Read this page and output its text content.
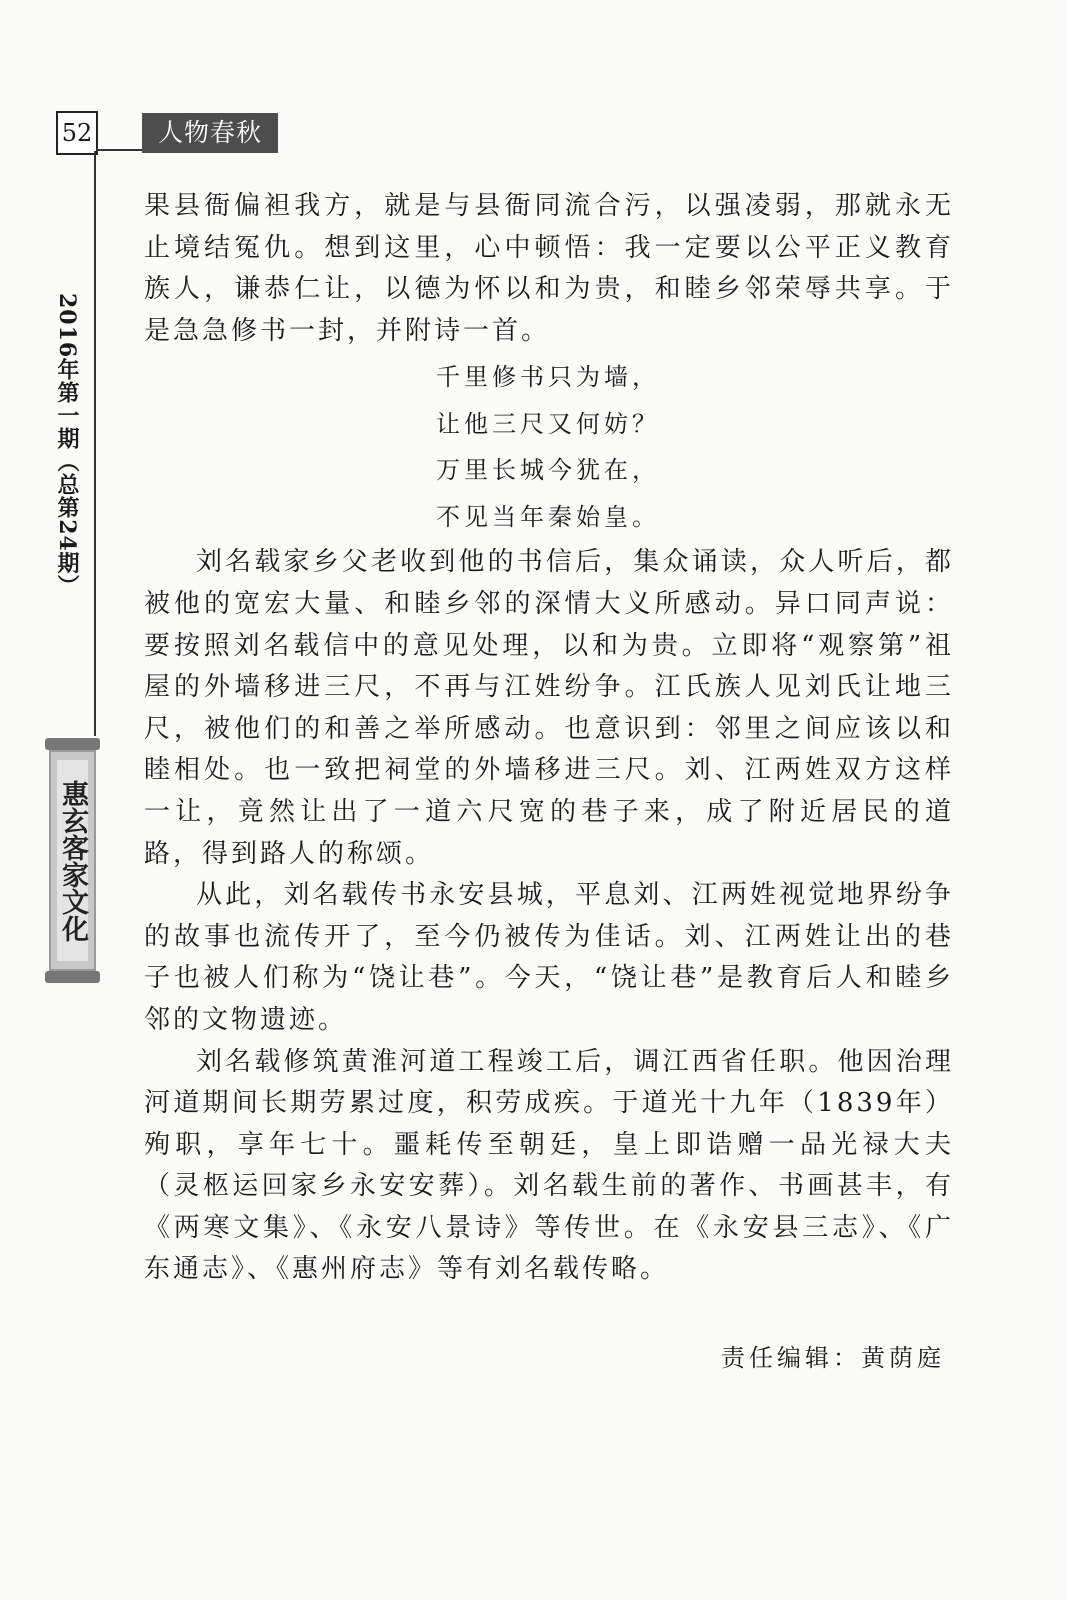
52	人物春秋
2016年第一期（总第24期）
惠玄客家文化

果县衙偏袒我方，就是与县衙同流合污，以强凌弱，那就永无止境结冤仇。想到这里，心中顿悟：我一定要以公平正义教育族人，谦恭仁让，以德为怀以和为贵，和睦乡邻荣辱共享。于是急急修书一封，并附诗一首。

千里修书只为墙，
让他三尺又何妨？
万里长城今犹在，
不见当年秦始皇。

刘名载家乡父老收到他的书信后，集众诵读，众人听后，都被他的宽宏大量、和睦乡邻的深情大义所感动。异口同声说：要按照刘名载信中的意见处理，以和为贵。立即将“观察第”祖屋的外墙移进三尺，不再与江姓纷争。江氏族人见刘氏让地三尺，被他们的和善之举所感动。也意识到：邻里之间应该以和睦相处。也一致把祠堂的外墙移进三尺。刘、江两姓双方这样一让，竟然让出了一道六尺宽的巷子来，成了附近居民的道路，得到路人的称颂。

从此，刘名载传书永安县城，平息刘、江两姓视觉地界纷争的故事也流传开了，至今仍被传为佳话。刘、江两姓让出的巷子也被人们称为“饶让巷”。今天，“饶让巷”是教育后人和睦乡邻的文物遗迹。

刘名载修筑黄淮河道工程竣工后，调江西省任职。他因治理河道期间长期劳累过度，积劳成疾。于道光十九年（1839年）殉职，享年七十。噩耗传至朝廷，皇上即诰赠一品光禄大夫（灵柩运回家乡永安安葬）。刘名载生前的著作、书画甚丰，有《两寒文集》、《永安八景诗》等传世。在《永安县三志》、《广东通志》、《惠州府志》等有刘名载传略。

责任编辑：黄荫庭
